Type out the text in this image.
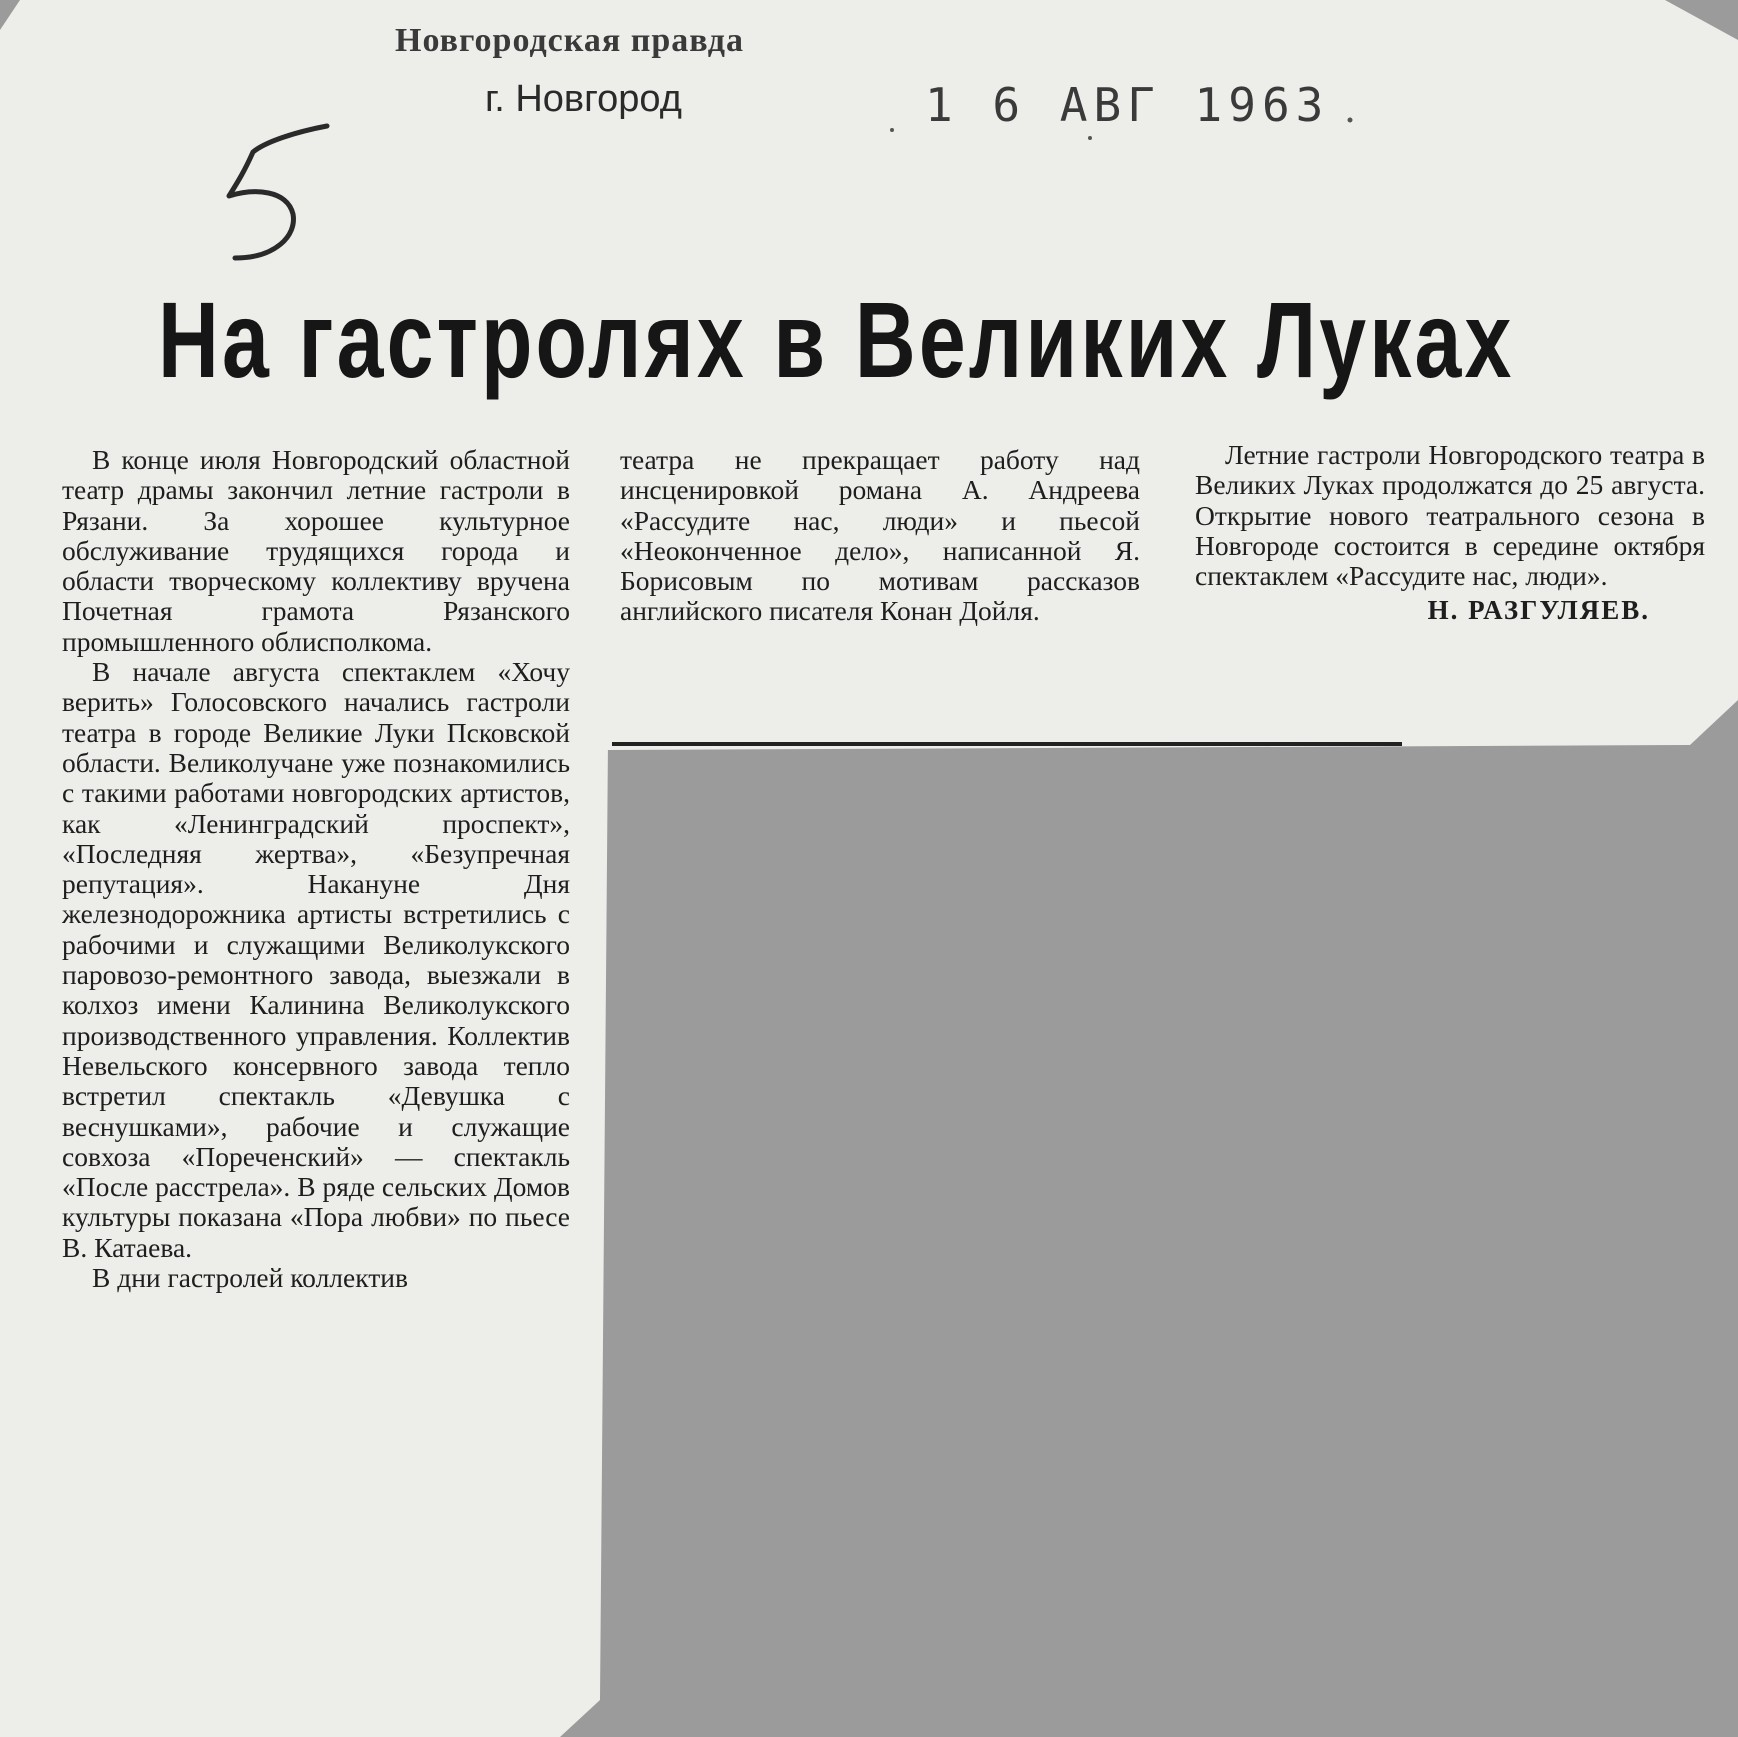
Новгородская правда
г. Новгород	1 6 АВГ 1963
На гастролях в Великих Луках

В конце июля Новгородский областной театр драмы закончил летние гастроли в Рязани. За хорошее культурное обслуживание трудящихся города и области творческому коллективу вручена Почетная грамота Рязанского промышленного облисполкома.

В начале августа спектаклем «Хочу верить» Голосовского начались гастроли театра в городе Великие Луки Псковской области. Великолучане уже познакомились с такими работами новгородских артистов, как «Ленинградский проспект», «Последняя жертва», «Безупречная репутация». Накануне Дня железнодорожника артисты встретились с рабочими и служащими Великолукского паровозо-ремонтного завода, выезжали в колхоз имени Калинина Великолукского производственного управления. Коллектив Невельского консервного завода тепло встретил спектакль «Девушка с веснушками», рабочие и служащие совхоза «Пореченский» — спектакль «После расстрела». В ряде сельских Домов культуры показана «Пора любви» по пьесе В. Катаева.

В дни гастролей коллектив

театра не прекращает работу над инсценировкой романа А. Андреева «Рассудите нас, люди» и пьесой «Неоконченное дело», написанной Я. Борисовым по мотивам рассказов английского писателя Конан Дойля.

Летние гастроли Новгородского театра в Великих Луках продолжатся до 25 августа. Открытие нового театрального сезона в Новгороде состоится в середине октября спектаклем «Рассудите нас, люди».

Н. РАЗГУЛЯЕВ.
